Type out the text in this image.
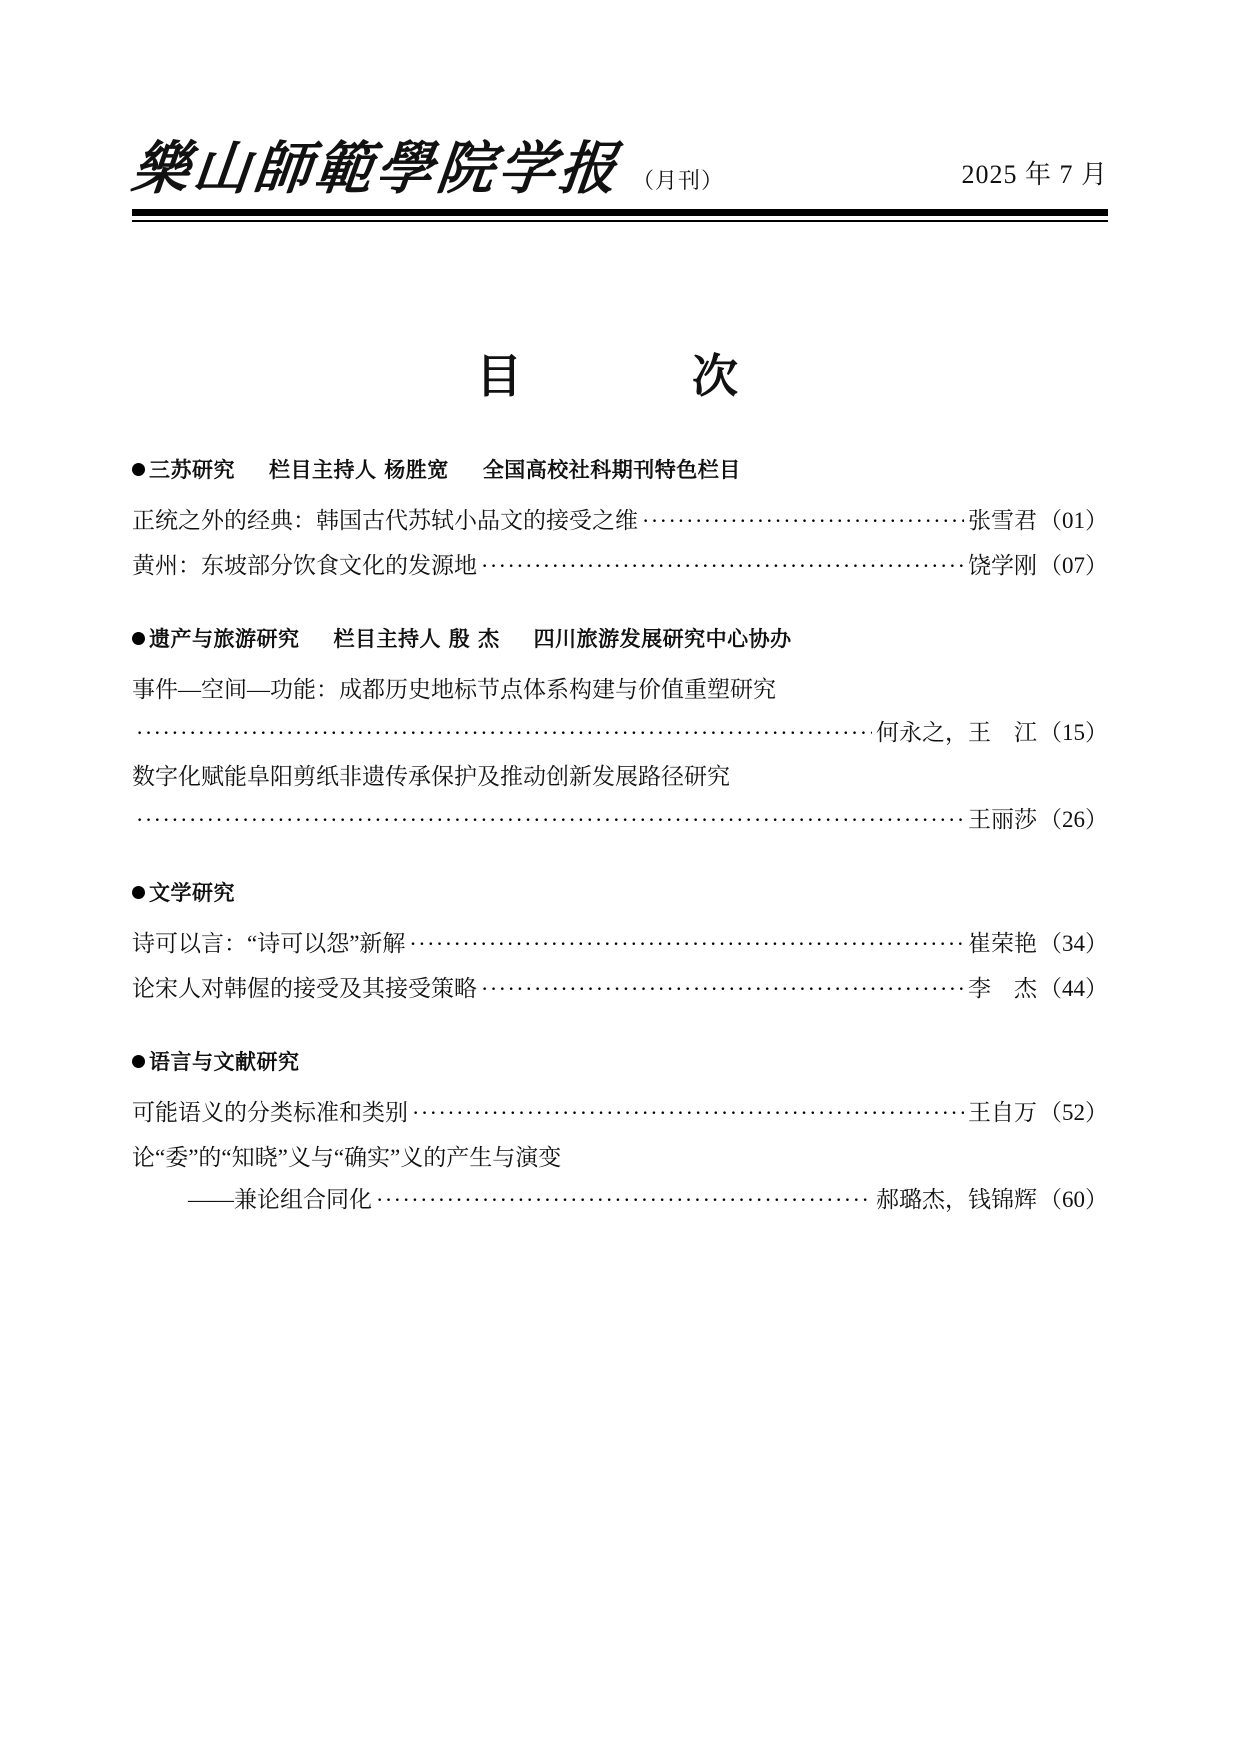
樂山師範學院学报 （月刊）	2025 年 7 月
目　　次
三苏研究 栏目主持人 杨胜宽 全国高校社科期刊特色栏目
正统之外的经典：韩国古代苏轼小品文的接受之维 ·····	张雪君 （01）
黄州：东坡部分饮食文化的发源地 ·····	饶学刚 （07）
遗产与旅游研究 栏目主持人 殷 杰 四川旅游发展研究中心协办
事件—空间—功能：成都历史地标节点体系构建与价值重塑研究
·····
何永之，王　江 （15）
数字化赋能阜阳剪纸非遗传承保护及推动创新发展路径研究
·····
王丽莎 （26）
文学研究
诗可以言：“诗可以怨”新解 ·····	崔荣艳 （34）
论宋人对韩偓的接受及其接受策略 ·····	李　杰 （44）
语言与文献研究
可能语义的分类标准和类别 ·····	王自万 （52）
论“委”的“知晓”义与“确实”义的产生与演变
——兼论组合同化 ·····	郝璐杰，钱锦辉 （60）
